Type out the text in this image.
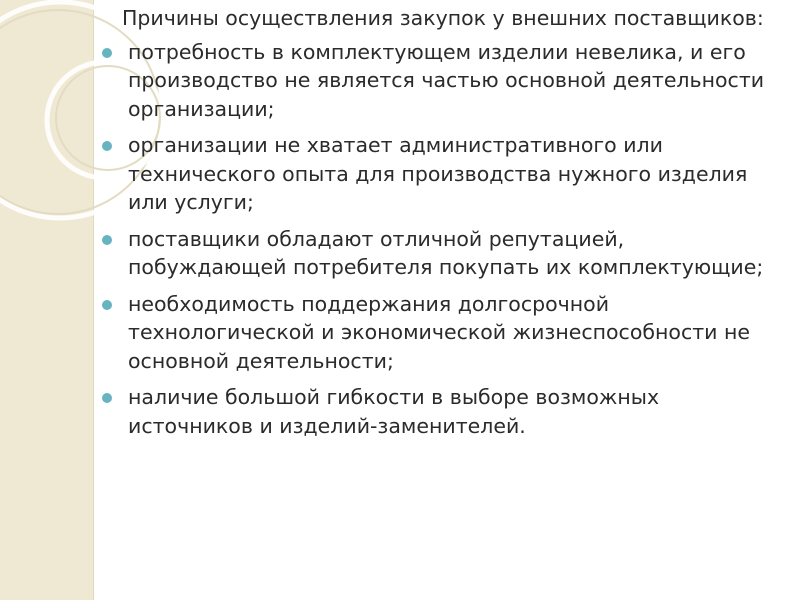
Причины осуществления закупок у внешних поставщиков:

потребность в комплектующем изделии невелика, и его производство не является частью основной деятельности организации;
организации не хватает административного или технического опыта для производства нужного изделия или услуги;
поставщики обладают отличной репутацией, побуждающей потребителя покупать их комплектующие;
необходимость поддержания долгосрочной технологической и экономической жизнеспособности не основной деятельности;
наличие большой гибкости в выборе возможных источников и изделий-заменителей.
